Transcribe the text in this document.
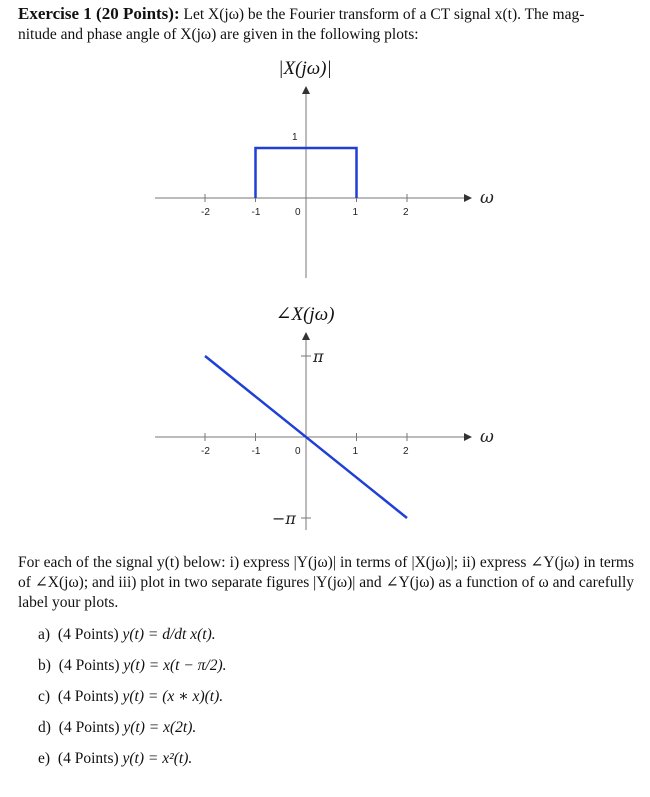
Exercise 1 (20 Points): Let X(jω) be the Fourier transform of a CT signal x(t). The mag-
nitude and phase angle of X(jω) are given in the following plots:
|X(jω)|
-2	-1	0	1	2
1
ω
∠X(jω)
-2	-1	0	1	2
π
−π
ω
For each of the signal y(t) below: i) express |Y(jω)| in terms of |X(jω)|; ii) express ∠Y(jω) in terms of ∠X(jω); and iii) plot in two separate figures |Y(jω)| and ∠Y(jω) as a function of ω and carefully label your plots.
a) (4 Points) y(t) = d/dt x(t).
b) (4 Points) y(t) = x(t − π/2).
c) (4 Points) y(t) = (x ∗ x)(t).
d) (4 Points) y(t) = x(2t).
e) (4 Points) y(t) = x²(t).
